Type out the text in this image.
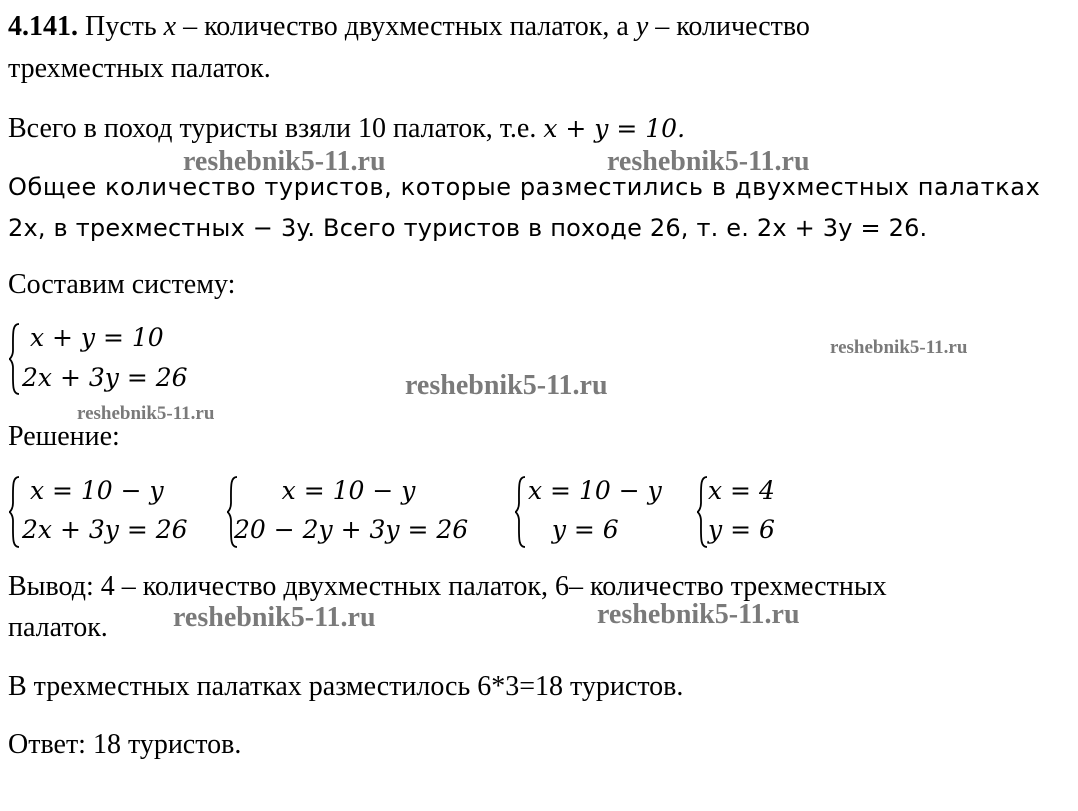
4.141. Пусть x – количество двухместных палаток, а y – количество
трехместных палаток.
Всего в поход туристы взяли 10 палаток, т.е. x + y = 10.
Общее количество туристов, которые разместились в двухместных палатках
2x, в трехместных − 3y. Всего туристов в походе 26, т. е. 2x + 3y = 26.
Составим систему:
x + y = 10
2x + 3y = 26
Решение:
x = 10 − y
2x + 3y = 26
x = 10 − y
20 − 2y + 3y = 26
x = 10 − y
y = 6
x = 4
y = 6
Вывод: 4 – количество двухместных палаток, 6– количество трехместных
палаток.
В трехместных палатках разместилось 6*3=18 туристов.
Ответ: 18 туристов.
reshebnik5-11.ru	reshebnik5-11.ru
reshebnik5-11.ru
reshebnik5-11.ru
reshebnik5-11.ru
reshebnik5-11.ru	reshebnik5-11.ru
